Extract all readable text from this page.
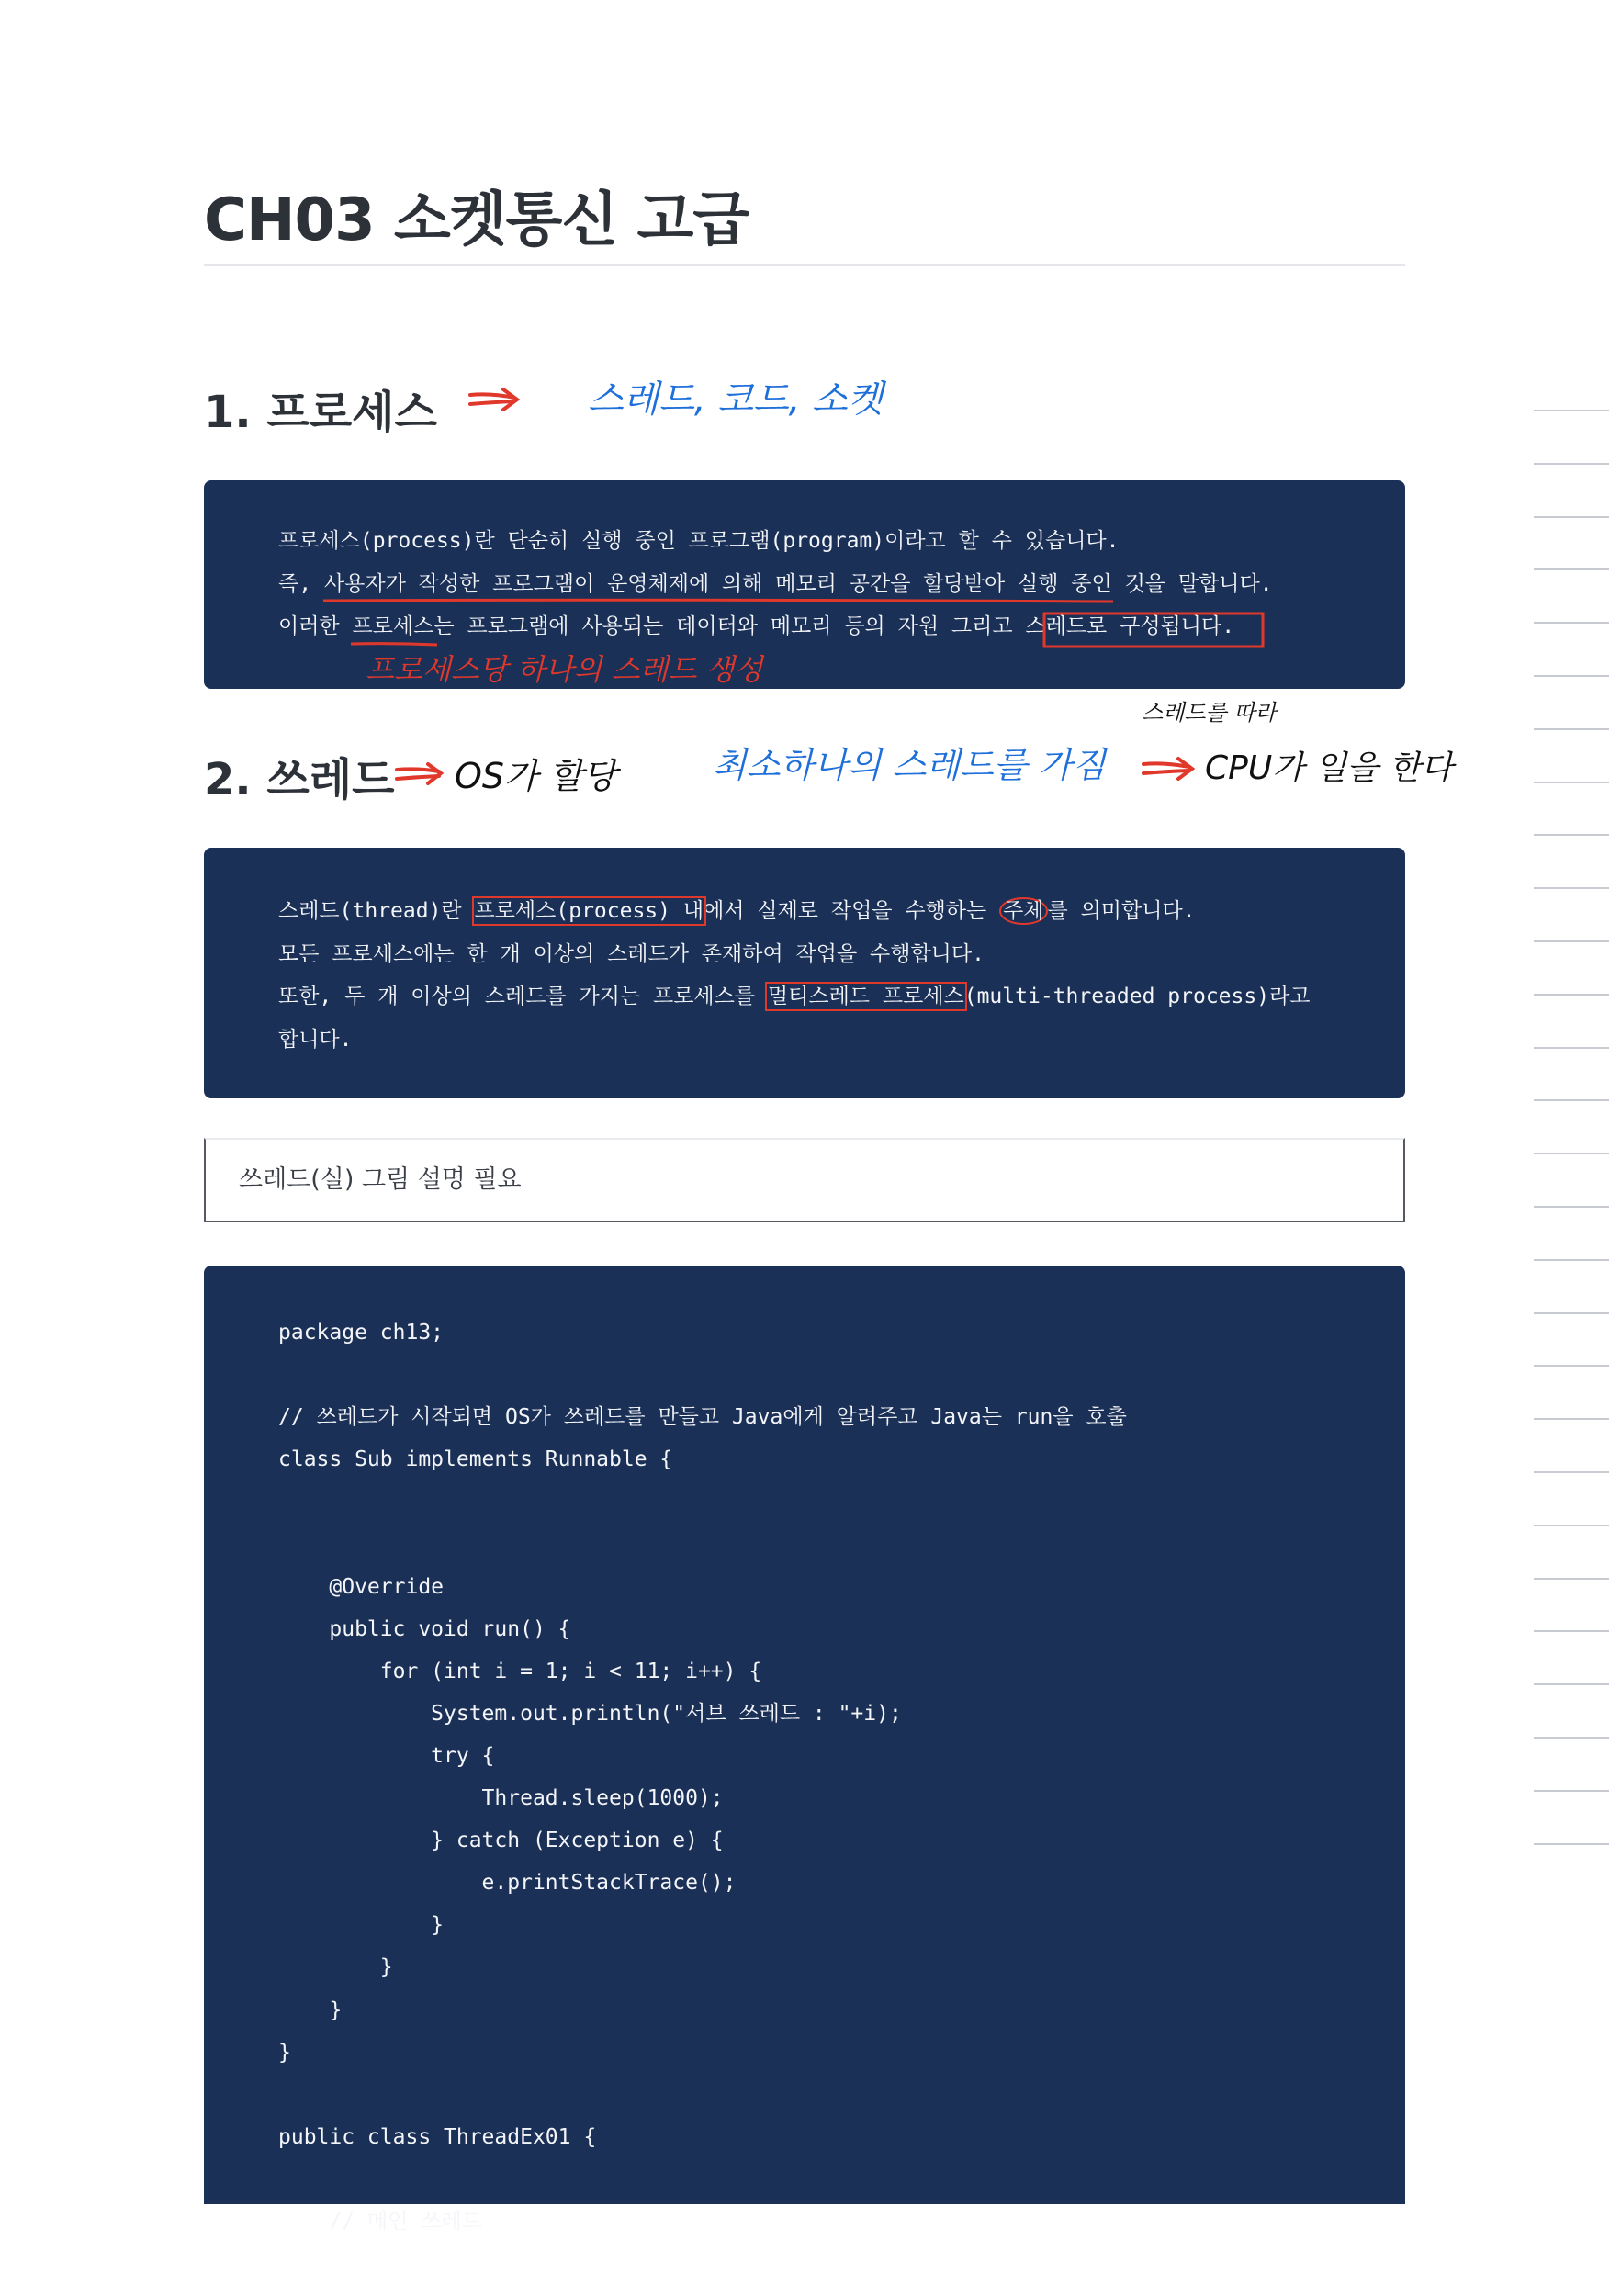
CH03 소켓통신 고급
1. 프로세스
프로세스(process)란 단순히 실행 중인 프로그램(program)이라고 할 수 있습니다.
즉, 사용자가 작성한 프로그램이 운영체제에 의해 메모리 공간을 할당받아 실행 중인 것을 말합니다.
이러한 프로세스는 프로그램에 사용되는 데이터와 메모리 등의 자원 그리고 스레드로 구성됩니다.
2. 쓰레드
스레드(thread)란 프로세스(process) 내에서 실제로 작업을 수행하는 주체 를 의미합니다.
모든 프로세스에는 한 개 이상의 스레드가 존재하여 작업을 수행합니다.
또한, 두 개 이상의 스레드를 가지는 프로세스를 멀티스레드 프로세스(multi-threaded process)라고
합니다.
쓰레드(실) 그림 설명 필요
package ch13;
// 쓰레드가 시작되면 OS가 쓰레드를 만들고 Java에게 알려주고 Java는 run을 호출
class Sub implements Runnable {
@Override
public void run() {
for (int i = 1; i < 11; i++) {
System.out.println("서브 쓰레드 : "+i);
try {
Thread.sleep(1000);
} catch (Exception e) {
e.printStackTrace();
}
}
}
}
public class ThreadEx01 {
// 메인 쓰레드
스레드, 코드, 소켓
프로세스당 하나의 스레드 생성
OS가 할당	최소하나의 스레드를 가짐	CPU가 일을 한다
스레드를 따라
